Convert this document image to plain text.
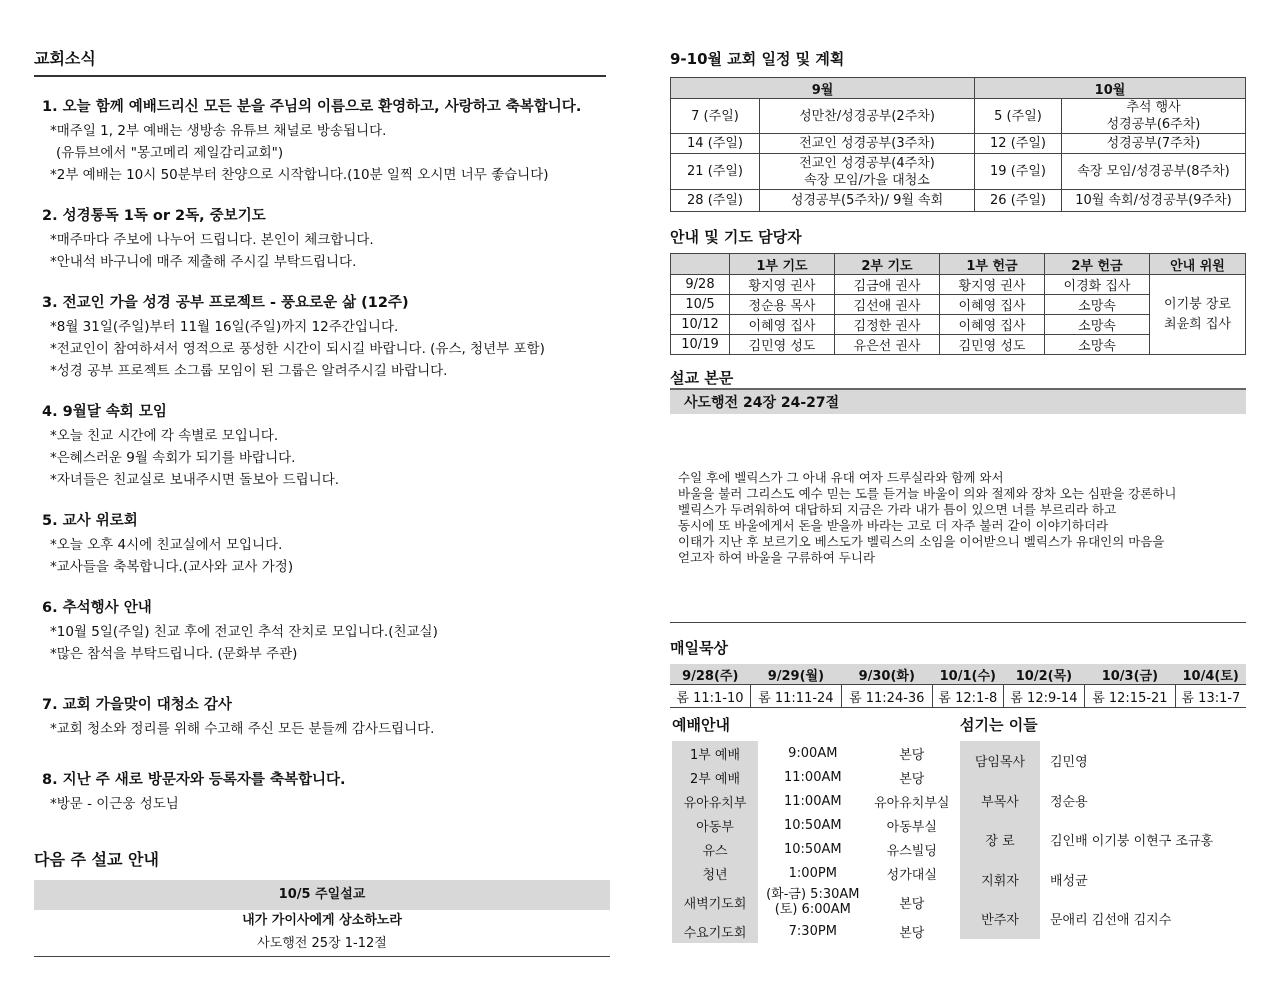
교회소식
1. 오늘 함께 예배드리신 모든 분을 주님의 이름으로 환영하고, 사랑하고 축복합니다.
*매주일 1, 2부 예배는 생방송 유튜브 채널로 방송됩니다.
(유튜브에서 "몽고메리 제일감리교회")
*2부 예배는 10시 50분부터 찬양으로 시작합니다.(10분 일찍 오시면 너무 좋습니다)
2. 성경통독 1독 or 2독, 중보기도
*매주마다 주보에 나누어 드립니다. 본인이 체크합니다.
*안내석 바구니에 매주 제출해 주시길 부탁드립니다.
3. 전교인 가을 성경 공부 프로젝트 - 풍요로운 삶 (12주)
*8월 31일(주일)부터 11월 16일(주일)까지 12주간입니다.
*전교인이 참여하셔서 영적으로 풍성한 시간이 되시길 바랍니다. (유스, 청년부 포함)
*성경 공부 프로젝트 소그룹 모임이 된 그룹은 알려주시길 바랍니다.
4. 9월달 속회 모임
*오늘 친교 시간에 각 속별로 모입니다.
*은혜스러운 9월 속회가 되기를 바랍니다.
*자녀들은 친교실로 보내주시면 돌보아 드립니다.
5. 교사 위로회
*오늘 오후 4시에 친교실에서 모입니다.
*교사들을 축복합니다.(교사와 교사 가정)
6. 추석행사 안내
*10월 5일(주일) 친교 후에 전교인 추석 잔치로 모입니다.(친교실)
*많은 참석을 부탁드립니다. (문화부 주관)
7. 교회 가을맞이 대청소 감사
*교회 청소와 정리를 위해 수고해 주신 모든 분들께 감사드립니다.
8. 지난 주 새로 방문자와 등록자를 축복합니다.
*방문 - 이근웅 성도님
다음 주 설교 안내
10/5 주일설교
내가 가이사에게 상소하노라
사도행전 25장 1-12절
9-10월 교회 일정 및 계획
9월		10월	
7 (주일)	성만찬/성경공부(2주차)	5 (주일)	추석 행사
성경공부(6주차)

14 (주일)	전교인 성경공부(3주차)	12 (주일)	성경공부(7주차)
21 (주일)	전교인 성경공부(4주차)
속장 모임/가을 대청소	19 (주일)	속장 모임/성경공부(8주차)
28 (주일)	성경공부(5주차)/ 9월 속회	26 (주일)	10월 속회/성경공부(9주차)
안내 및 기도 담당자
	1부 기도	2부 기도	1부 헌금	2부 헌금	안내 위원
9/28	황지영 권사	김금애 권사	황지영 권사	이경화 집사	이기붕 장로
최윤희 집사

10/5	정순용 목사	김선애 권사	이혜영 집사	소망속	
10/12	이혜영 집사	김정한 권사	이혜영 집사	소망속	
10/19	김민영 성도	유은선 권사	김민영 성도	소망속	
설교 본문
사도행전 24장 24-27절
수일 후에 벨릭스가 그 아내 유대 여자 드루실라와 함께 와서
바울을 불러 그리스도 예수 믿는 도를 듣거늘 바울이 의와 절제와 장차 오는 심판을 강론하니
벨릭스가 두려워하여 대답하되 지금은 가라 내가 틈이 있으면 너를 부르리라 하고
동시에 또 바울에게서 돈을 받을까 바라는 고로 더 자주 불러 같이 이야기하더라
이태가 지난 후 보르기오 베스도가 벨릭스의 소임을 이어받으니 벨릭스가 유대인의 마음을
얻고자 하여 바울을 구류하여 두니라
매일묵상
9/28(주)	9/29(월)	9/30(화)	10/1(수)	10/2(목)	10/3(금)	10/4(토)
롬 11:1-10	롬 11:11-24	롬 11:24-36	롬 12:1-8	롬 12:9-14	롬 12:15-21	롬 13:1-7
예배안내
1부 예배	9:00AM	본당
2부 예배	11:00AM	본당
유아유치부	11:00AM	유아유치부실
아동부	10:50AM	아동부실
유스	10:50AM	유스빌딩
청년	1:00PM	성가대실
새벽기도회	(화-금) 5:30AM
(토) 6:00AM	본당
수요기도회	7:30PM	본당
섬기는 이들
담임목사	김민영
부목사	정순용
장 로	김인배 이기붕 이현구 조규홍
지휘자	배성균
반주자	문애리 김선애 김지수
